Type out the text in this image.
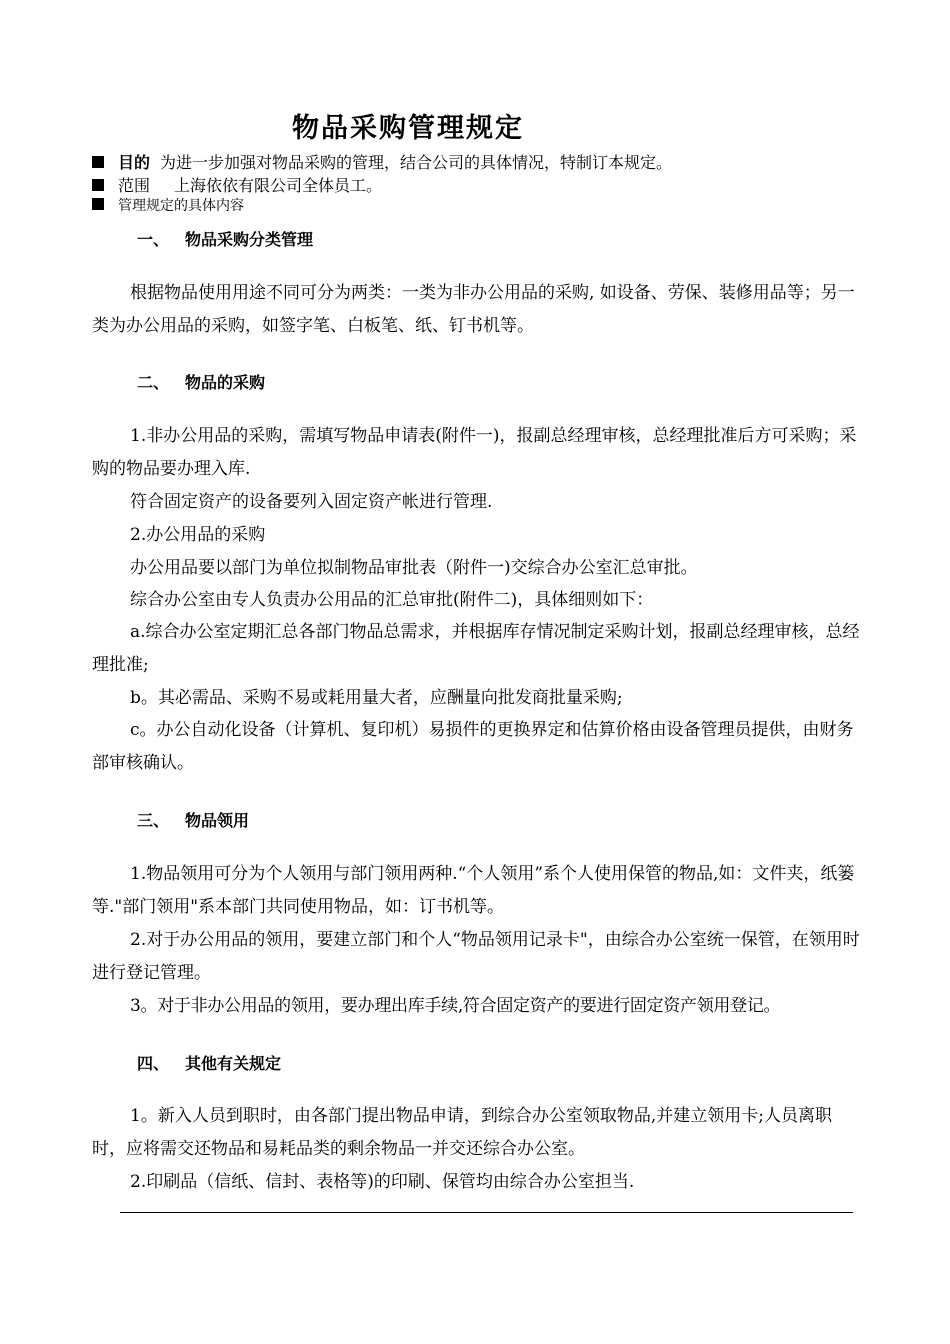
物品采购管理规定
目的 为进一步加强对物品采购的管理，结合公司的具体情况，特制订本规定。
范围 上海依依有限公司全体员工。
管理规定的具体内容
一、 物品采购分类管理
根据物品使用用途不同可分为两类：一类为非办公用品的采购, 如设备、劳保、装修用品等；另一类为办公用品的采购，如签字笔、白板笔、纸、钉书机等。
二、 物品的采购
1.非办公用品的采购，需填写物品申请表(附件一)，报副总经理审核，总经理批准后方可采购；采购的物品要办理入库.
符合固定资产的设备要列入固定资产帐进行管理.
2.办公用品的采购
办公用品要以部门为单位拟制物品审批表（附件一)交综合办公室汇总审批。
综合办公室由专人负责办公用品的汇总审批(附件二)，具体细则如下：
a.综合办公室定期汇总各部门物品总需求，并根据库存情况制定采购计划，报副总经理审核，总经理批准;
b。其必需品、采购不易或耗用量大者，应酬量向批发商批量采购;
c。办公自动化设备（计算机、复印机）易损件的更换界定和估算价格由设备管理员提供，由财务部审核确认。
三、 物品领用
1.物品领用可分为个人领用与部门领用两种.“个人领用”系个人使用保管的物品,如：文件夹，纸篓等."部门领用"系本部门共同使用物品，如：订书机等。
2.对于办公用品的领用，要建立部门和个人“物品领用记录卡"，由综合办公室统一保管，在领用时进行登记管理。
3。对于非办公用品的领用，要办理出库手续,符合固定资产的要进行固定资产领用登记。
四、 其他有关规定
1。新入人员到职时，由各部门提出物品申请，到综合办公室领取物品,并建立领用卡;人员离职时，应将需交还物品和易耗品类的剩余物品一并交还综合办公室。
2.印刷品（信纸、信封、表格等)的印刷、保管均由综合办公室担当.
